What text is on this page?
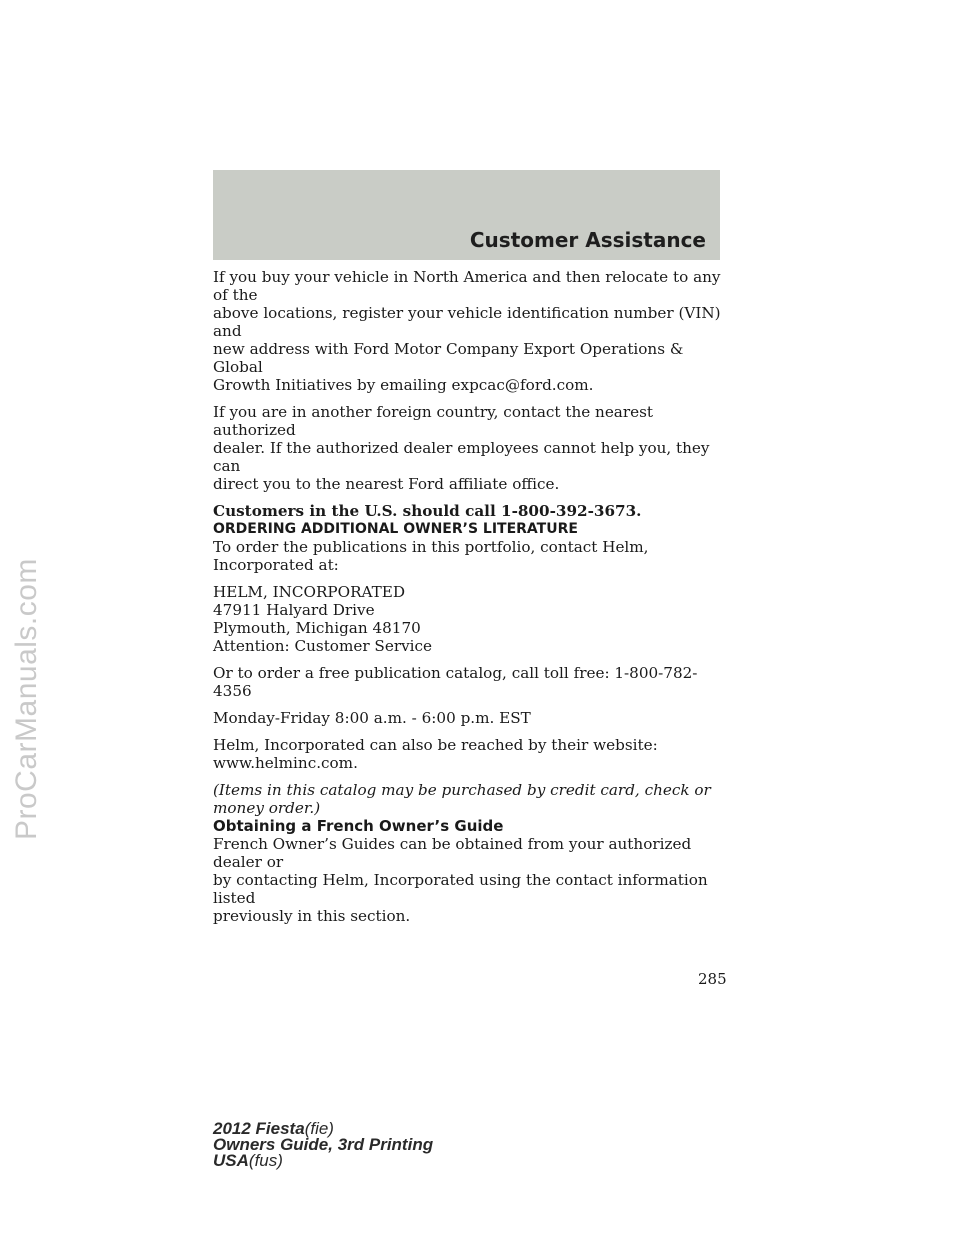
ProCarManuals.com
Customer Assistance

If you buy your vehicle in North America and then relocate to any of the
above locations, register your vehicle identification number (VIN) and
new address with Ford Motor Company Export Operations & Global
Growth Initiatives by emailing expcac@ford.com.

If you are in another foreign country, contact the nearest authorized
dealer. If the authorized dealer employees cannot help you, they can
direct you to the nearest Ford affiliate office.

Customers in the U.S. should call 1-800-392-3673.

ORDERING ADDITIONAL OWNER’S LITERATURE

To order the publications in this portfolio, contact Helm, Incorporated at:

HELM, INCORPORATED
47911 Halyard Drive
Plymouth, Michigan 48170
Attention: Customer Service

Or to order a free publication catalog, call toll free: 1-800-782-4356

Monday-Friday 8:00 a.m. - 6:00 p.m. EST

Helm, Incorporated can also be reached by their website:
www.helminc.com.

(Items in this catalog may be purchased by credit card, check or
money order.)

Obtaining a French Owner’s Guide

French Owner’s Guides can be obtained from your authorized dealer or
by contacting Helm, Incorporated using the contact information listed
previously in this section.

285
2012 Fiesta(fie)
Owners Guide, 3rd Printing
USA(fus)
